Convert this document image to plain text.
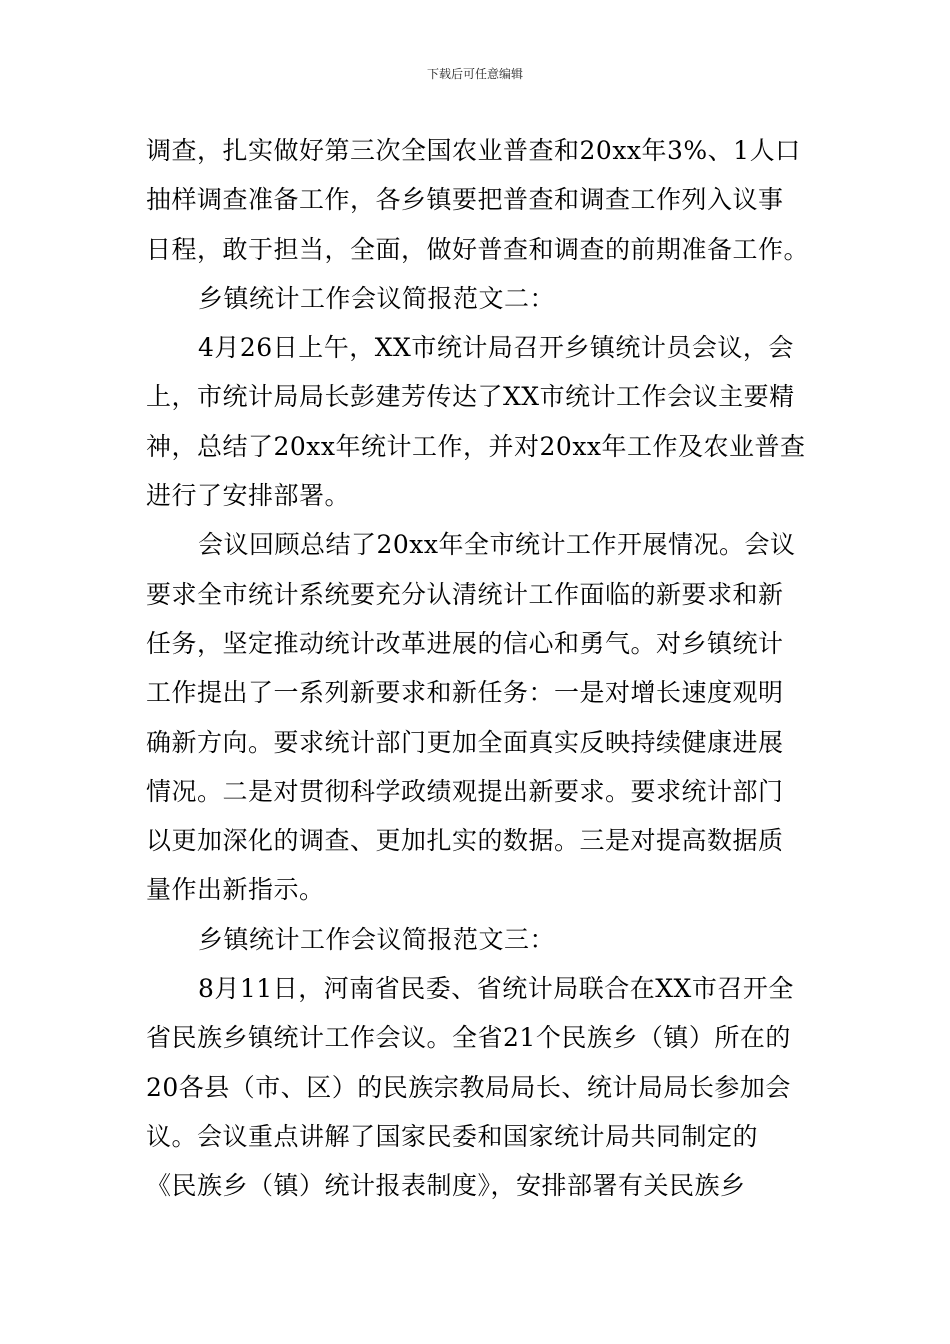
下载后可任意编辑
调查，扎实做好第三次全国农业普查和20xx年3%、1人口
抽样调查准备工作，各乡镇要把普查和调查工作列入议事
日程，敢于担当，全面，做好普查和调查的前期准备工作。
乡镇统计工作会议简报范文二：
4月26日上午，XX市统计局召开乡镇统计员会议，会
上，市统计局局长彭建芳传达了XX市统计工作会议主要精
神，总结了20xx年统计工作，并对20xx年工作及农业普查
进行了安排部署。
会议回顾总结了20xx年全市统计工作开展情况。会议
要求全市统计系统要充分认清统计工作面临的新要求和新
任务，坚定推动统计改革进展的信心和勇气。对乡镇统计
工作提出了一系列新要求和新任务：一是对增长速度观明
确新方向。要求统计部门更加全面真实反映持续健康进展
情况。二是对贯彻科学政绩观提出新要求。要求统计部门
以更加深化的调查、更加扎实的数据。三是对提高数据质
量作出新指示。
乡镇统计工作会议简报范文三：
8月11日，河南省民委、省统计局联合在XX市召开全
省民族乡镇统计工作会议。全省21个民族乡（镇）所在的
20各县（市、区）的民族宗教局局长、统计局局长参加会
议。会议重点讲解了国家民委和国家统计局共同制定的
《民族乡（镇）统计报表制度》，安排部署有关民族乡
